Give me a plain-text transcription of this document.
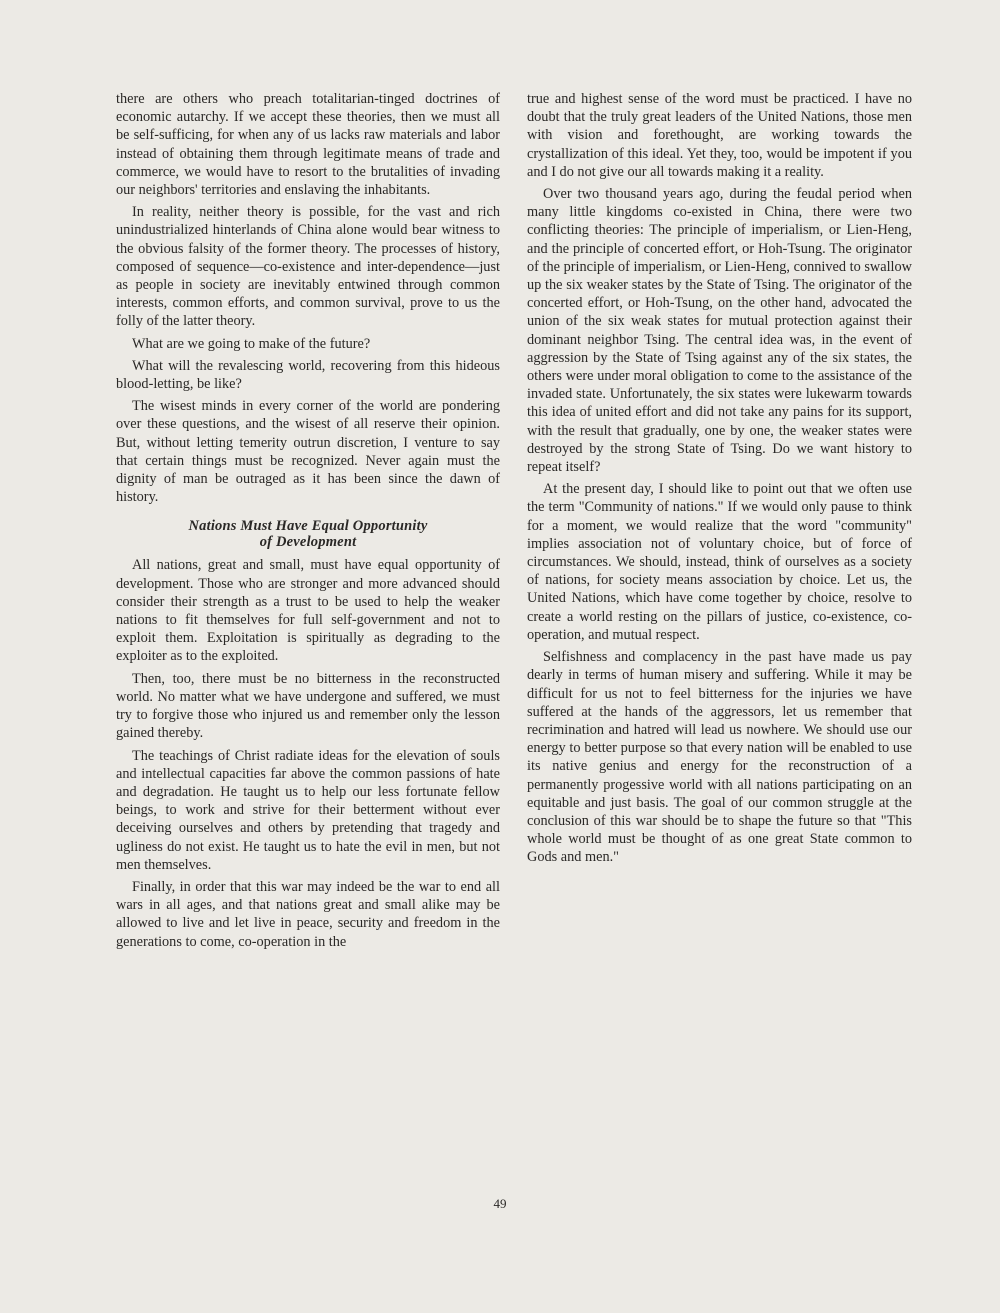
there are others who preach totalitarian-tinged doctrines of economic autarchy. If we accept these theories, then we must all be self-sufficing, for when any of us lacks raw materials and labor instead of obtaining them through legitimate means of trade and commerce, we would have to resort to the brutalities of invading our neighbors' territories and enslaving the inhabitants.

In reality, neither theory is possible, for the vast and rich unindustrialized hinterlands of China alone would bear witness to the obvious falsity of the former theory. The processes of history, composed of sequence—co-existence and inter-dependence—just as people in society are inevitably entwined through common interests, common efforts, and common survival, prove to us the folly of the latter theory.

What are we going to make of the future?

What will the revalescing world, recovering from this hideous blood-letting, be like?

The wisest minds in every corner of the world are pondering over these questions, and the wisest of all reserve their opinion. But, without letting temerity outrun discretion, I venture to say that certain things must be recognized. Never again must the dignity of man be outraged as it has been since the dawn of history.

Nations Must Have Equal Opportunity
of Development

All nations, great and small, must have equal opportunity of development. Those who are stronger and more advanced should consider their strength as a trust to be used to help the weaker nations to fit themselves for full self-government and not to exploit them. Exploitation is spiritually as degrading to the exploiter as to the exploited.

Then, too, there must be no bitterness in the reconstructed world. No matter what we have undergone and suffered, we must try to forgive those who injured us and remember only the lesson gained thereby.

The teachings of Christ radiate ideas for the elevation of souls and intellectual capacities far above the common passions of hate and degradation. He taught us to help our less fortunate fellow beings, to work and strive for their betterment without ever deceiving ourselves and others by pretending that tragedy and ugliness do not exist. He taught us to hate the evil in men, but not men themselves.

Finally, in order that this war may indeed be the war to end all wars in all ages, and that nations great and small alike may be allowed to live and let live in peace, security and freedom in the generations to come, co-operation in the

true and highest sense of the word must be practiced. I have no doubt that the truly great leaders of the United Nations, those men with vision and forethought, are working towards the crystallization of this ideal. Yet they, too, would be impotent if you and I do not give our all towards making it a reality.

Over two thousand years ago, during the feudal period when many little kingdoms co-existed in China, there were two conflicting theories: The principle of imperialism, or Lien-Heng, and the principle of concerted effort, or Hoh-Tsung. The originator of the principle of imperialism, or Lien-Heng, connived to swallow up the six weaker states by the State of Tsing. The originator of the concerted effort, or Hoh-Tsung, on the other hand, advocated the union of the six weak states for mutual protection against their dominant neighbor Tsing. The central idea was, in the event of aggression by the State of Tsing against any of the six states, the others were under moral obligation to come to the assistance of the invaded state. Unfortunately, the six states were lukewarm towards this idea of united effort and did not take any pains for its support, with the result that gradually, one by one, the weaker states were destroyed by the strong State of Tsing. Do we want history to repeat itself?

At the present day, I should like to point out that we often use the term "Community of nations." If we would only pause to think for a moment, we would realize that the word "community" implies association not of voluntary choice, but of force of circumstances. We should, instead, think of ourselves as a society of nations, for society means association by choice. Let us, the United Nations, which have come together by choice, resolve to create a world resting on the pillars of justice, co-existence, co-operation, and mutual respect.

Selfishness and complacency in the past have made us pay dearly in terms of human misery and suffering. While it may be difficult for us not to feel bitterness for the injuries we have suffered at the hands of the aggressors, let us remember that recrimination and hatred will lead us nowhere. We should use our energy to better purpose so that every nation will be enabled to use its native genius and energy for the reconstruction of a permanently progessive world with all nations participating on an equitable and just basis. The goal of our common struggle at the conclusion of this war should be to shape the future so that "This whole world must be thought of as one great State common to Gods and men."

49
